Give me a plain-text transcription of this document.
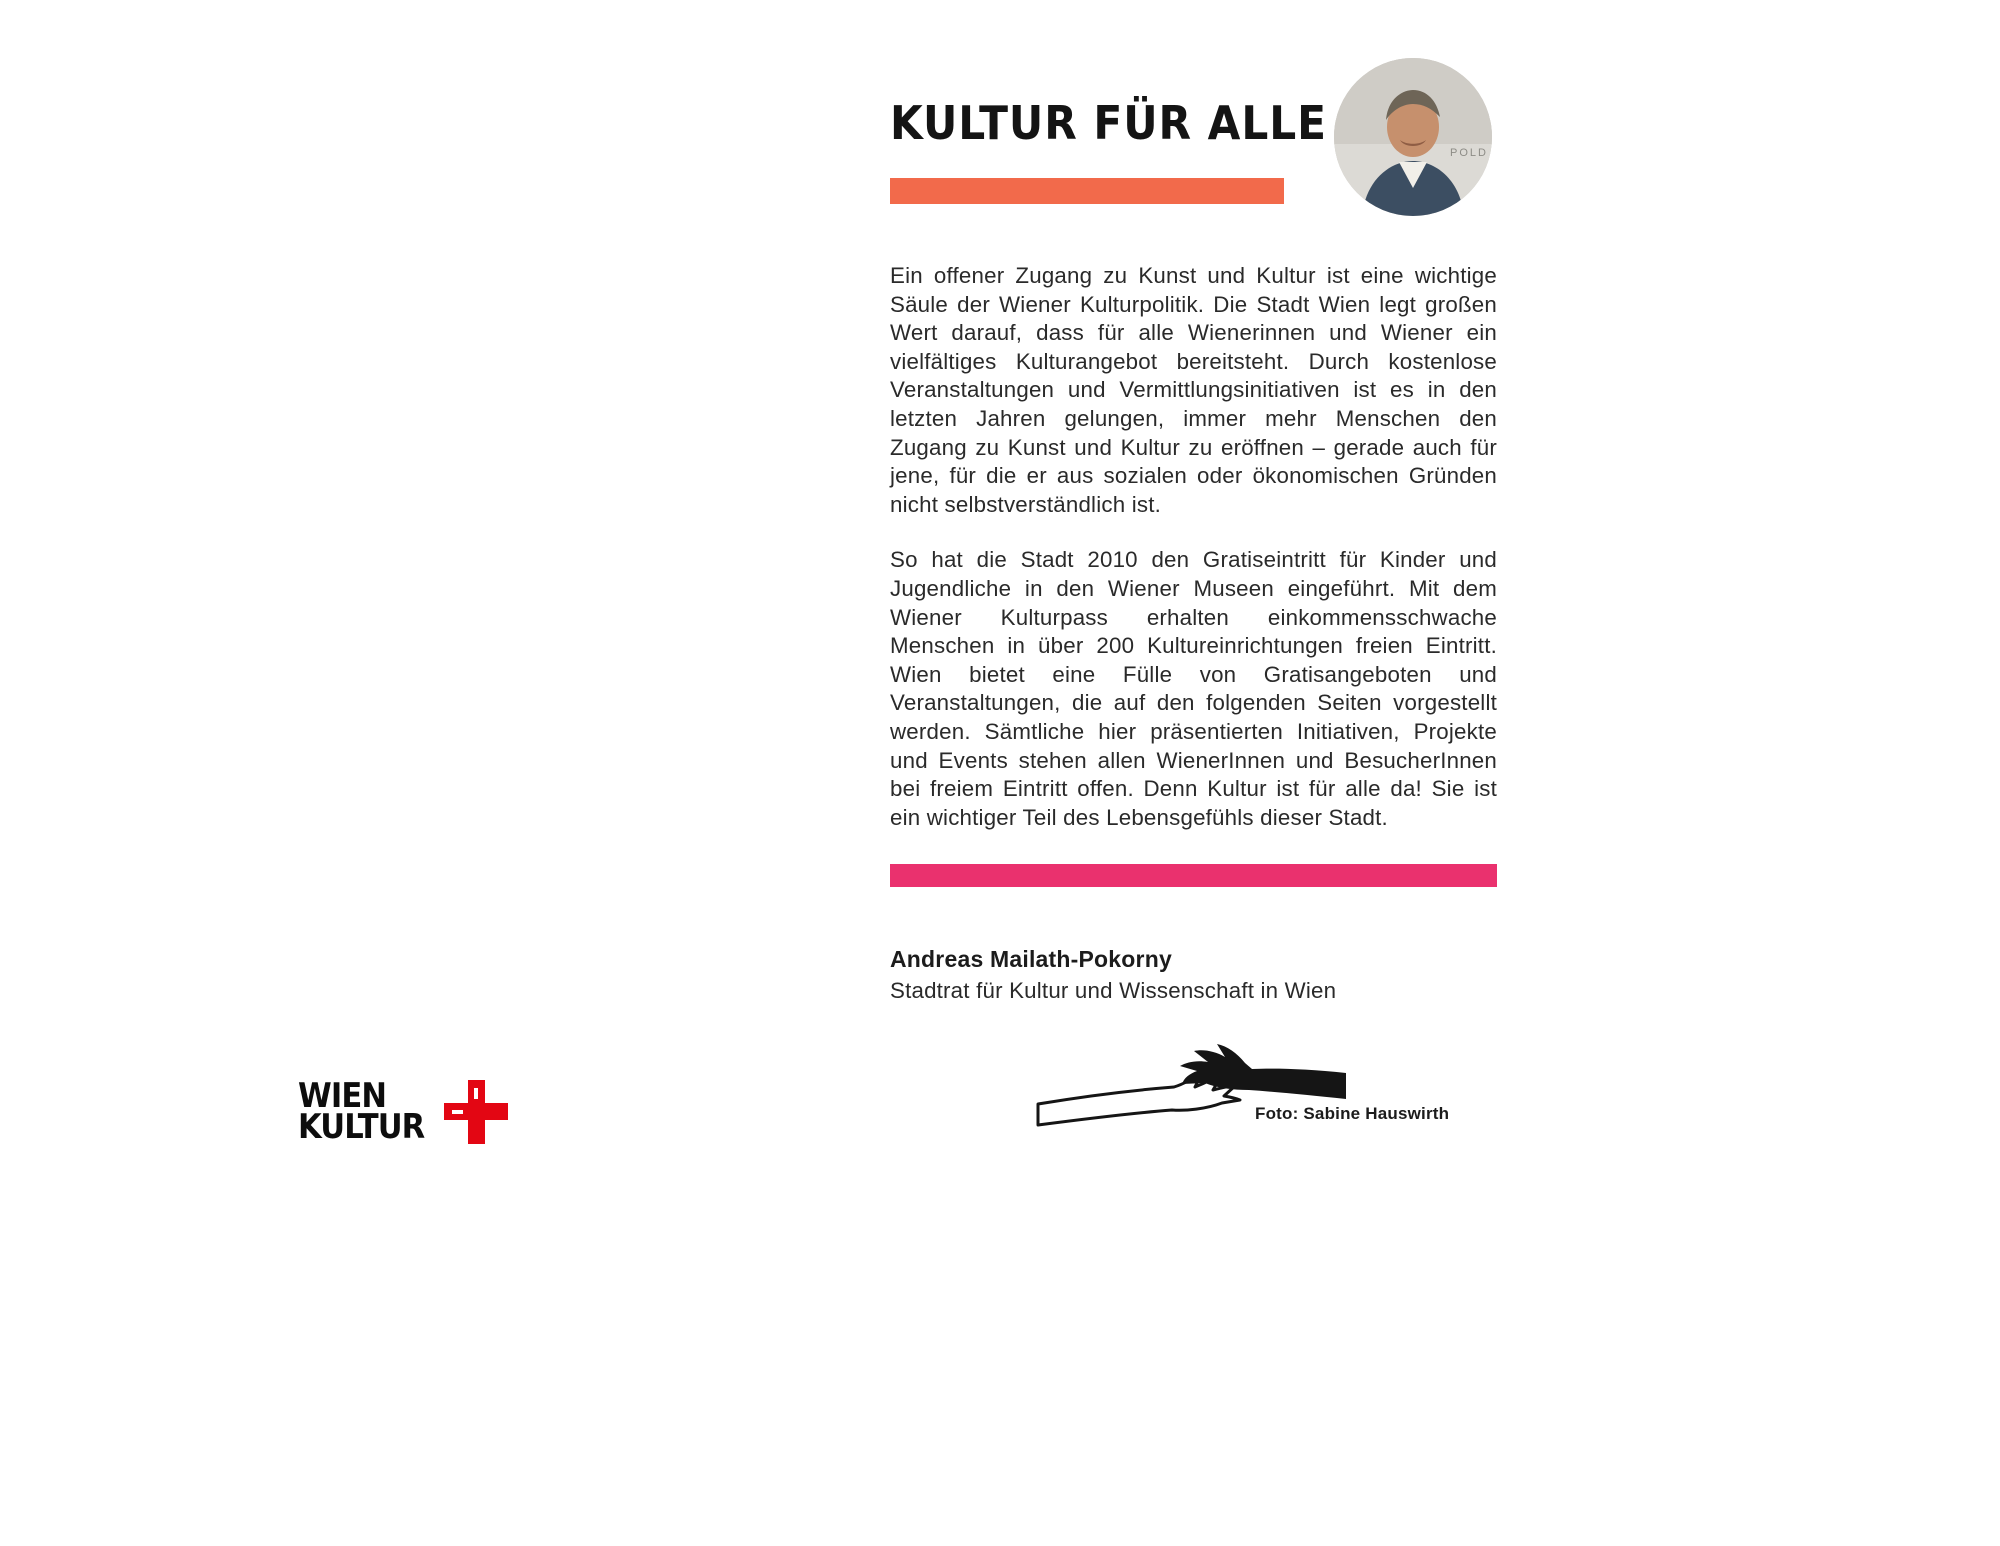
KULTUR FÜR ALLE
POLD

Ein offener Zugang zu Kunst und Kultur ist eine wichtige Säule der Wiener Kulturpolitik. Die Stadt Wien legt großen Wert darauf, dass für alle Wienerinnen und Wiener ein vielfältiges Kulturangebot bereitsteht. Durch kostenlose Veranstaltungen und Vermittlungsinitiativen ist es in den letzten Jahren gelungen, immer mehr Menschen den Zugang zu Kunst und Kultur zu eröffnen – gerade auch für jene, für die er aus sozialen oder ökonomischen Gründen nicht selbstverständlich ist.

So hat die Stadt 2010 den Gratiseintritt für Kinder und Jugendliche in den Wiener Museen eingeführt. Mit dem Wiener Kulturpass erhalten einkommensschwache Menschen in über 200 Kultureinrichtungen freien Eintritt. Wien bietet eine Fülle von Gratisangeboten und Veranstaltungen, die auf den folgenden Seiten vorgestellt werden. Sämtliche hier präsentierten Initiativen, Projekte und Events stehen allen WienerInnen und BesucherInnen bei freiem Eintritt offen. Denn Kultur ist für alle da! Sie ist ein wichtiger Teil des Lebensgefühls dieser Stadt.

Andreas Mailath-Pokorny
Stadtrat für Kultur und Wissenschaft in Wien
Foto: Sabine Hauswirth
WIEN
KULTUR
